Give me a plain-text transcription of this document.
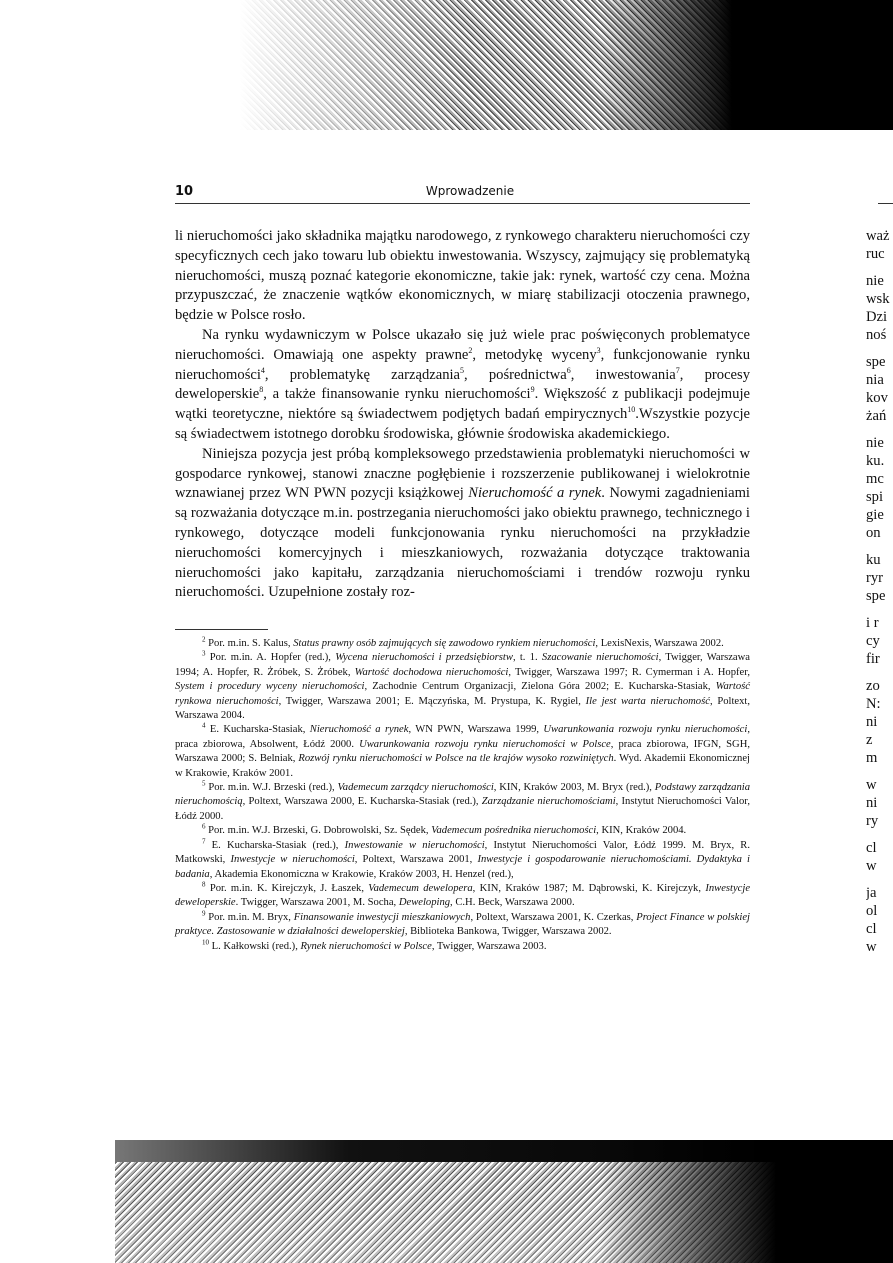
10	Wprowadzenie

li nieruchomości jako składnika majątku narodowego, z rynkowego charakteru nieruchomości czy specyficznych cech jako towaru lub obiektu inwestowania. Wszyscy, zajmujący się problematyką nieruchomości, muszą poznać kategorie ekonomiczne, takie jak: rynek, wartość czy cena. Można przypuszczać, że znaczenie wątków ekonomicznych, w miarę stabilizacji otoczenia prawnego, będzie w Polsce rosło.

Na rynku wydawniczym w Polsce ukazało się już wiele prac poświęconych problematyce nieruchomości. Omawiają one aspekty prawne$^2$, metodykę wyceny$^3$, funkcjonowanie rynku nieruchomości$^4$, problematykę zarządzania$^5$, pośrednictwa$^6$, inwestowania$^7$, procesy deweloperskie$^8$, a także finansowanie rynku nieruchomości$^9$. Większość z publikacji podejmuje wątki teoretyczne, niektóre są świadectwem podjętych badań empirycznych$^{10}$.Wszystkie pozycje są świadectwem istotnego dorobku środowiska, głównie środowiska akademickiego.

Niniejsza pozycja jest próbą kompleksowego przedstawienia problematyki nieruchomości w gospodarce rynkowej, stanowi znaczne pogłębienie i rozszerzenie publikowanej i wielokrotnie wznawianej przez WN PWN pozycji książkowej Nieruchomość a rynek. Nowymi zagadnieniami są rozważania dotyczące m.in. postrzegania nieruchomości jako obiektu prawnego, technicznego i rynkowego, dotyczące modeli funkcjonowania rynku nieruchomości na przykładzie nieruchomości komercyjnych i mieszkaniowych, rozważania dotyczące traktowania nieruchomości jako kapitału, zarządzania nieruchomościami i trendów rozwoju rynku nieruchomości. Uzupełnione zostały roz-

$^2$ Por. m.in. S. Kalus, Status prawny osób zajmujących się zawodowo rynkiem nieruchomości, LexisNexis, Warszawa 2002.

$^3$ Por. m.in. A. Hopfer (red.), Wycena nieruchomości i przedsiębiorstw, t. 1. Szacowanie nieruchomości, Twigger, Warszawa 1994; A. Hopfer, R. Żróbek, S. Żróbek, Wartość dochodowa nieruchomości, Twigger, Warszawa 1997; R. Cymerman i A. Hopfer, System i procedury wyceny nieruchomości, Zachodnie Centrum Organizacji, Zielona Góra 2002; E. Kucharska-Stasiak, Wartość rynkowa nieruchomości, Twigger, Warszawa 2001; E. Mączyńska, M. Prystupa, K. Rygiel, Ile jest warta nieruchomość, Poltext, Warszawa 2004.

$^4$ E. Kucharska-Stasiak, Nieruchomość a rynek, WN PWN, Warszawa 1999, Uwarunkowania rozwoju rynku nieruchomości, praca zbiorowa, Absolwent, Łódź 2000. Uwarunkowania rozwoju rynku nieruchomości w Polsce, praca zbiorowa, IFGN, SGH, Warszawa 2000; S. Belniak, Rozwój rynku nieruchomości w Polsce na tle krajów wysoko rozwiniętych. Wyd. Akademii Ekonomicznej w Krakowie, Kraków 2001.

$^5$ Por. m.in. W.J. Brzeski (red.), Vademecum zarządcy nieruchomości, KIN, Kraków 2003, M. Bryx (red.), Podstawy zarządzania nieruchomością, Poltext, Warszawa 2000, E. Kucharska-Stasiak (red.), Zarządzanie nieruchomościami, Instytut Nieruchomości Valor, Łódź 2000.

$^6$ Por. m.in. W.J. Brzeski, G. Dobrowolski, Sz. Sędek, Vademecum pośrednika nieruchomości, KIN, Kraków 2004.

$^7$ E. Kucharska-Stasiak (red.), Inwestowanie w nieruchomości, Instytut Nieruchomości Valor, Łódź 1999. M. Bryx, R. Matkowski, Inwestycje w nieruchomości, Poltext, Warszawa 2001, Inwestycje i gospodarowanie nieruchomościami. Dydaktyka i badania, Akademia Ekonomiczna w Krakowie, Kraków 2003, H. Henzel (red.),

$^8$ Por. m.in. K. Kirejczyk, J. Łaszek, Vademecum dewelopera, KIN, Kraków 1987; M. Dąbrowski, K. Kirejczyk, Inwestycje deweloperskie. Twigger, Warszawa 2001, M. Socha, Deweloping, C.H. Beck, Warszawa 2000.

$^9$ Por. m.in. M. Bryx, Finansowanie inwestycji mieszkaniowych, Poltext, Warszawa 2001, K. Czerkas, Project Finance w polskiej praktyce. Zastosowanie w działalności deweloperskiej, Biblioteka Bankowa, Twigger, Warszawa 2002.

$^{10}$ L. Kałkowski (red.), Rynek nieruchomości w Polsce, Twigger, Warszawa 2003.

waż
ruc
nie
wsk
Dzi
noś
spe
nia
kov
żań
nie
ku.
mc
spi
gie
on
ku
ryr
spe
i r
cy
fir
zo
N:
ni
z
m
w
ni
ry
cl
w
ja
ol
cl
w
